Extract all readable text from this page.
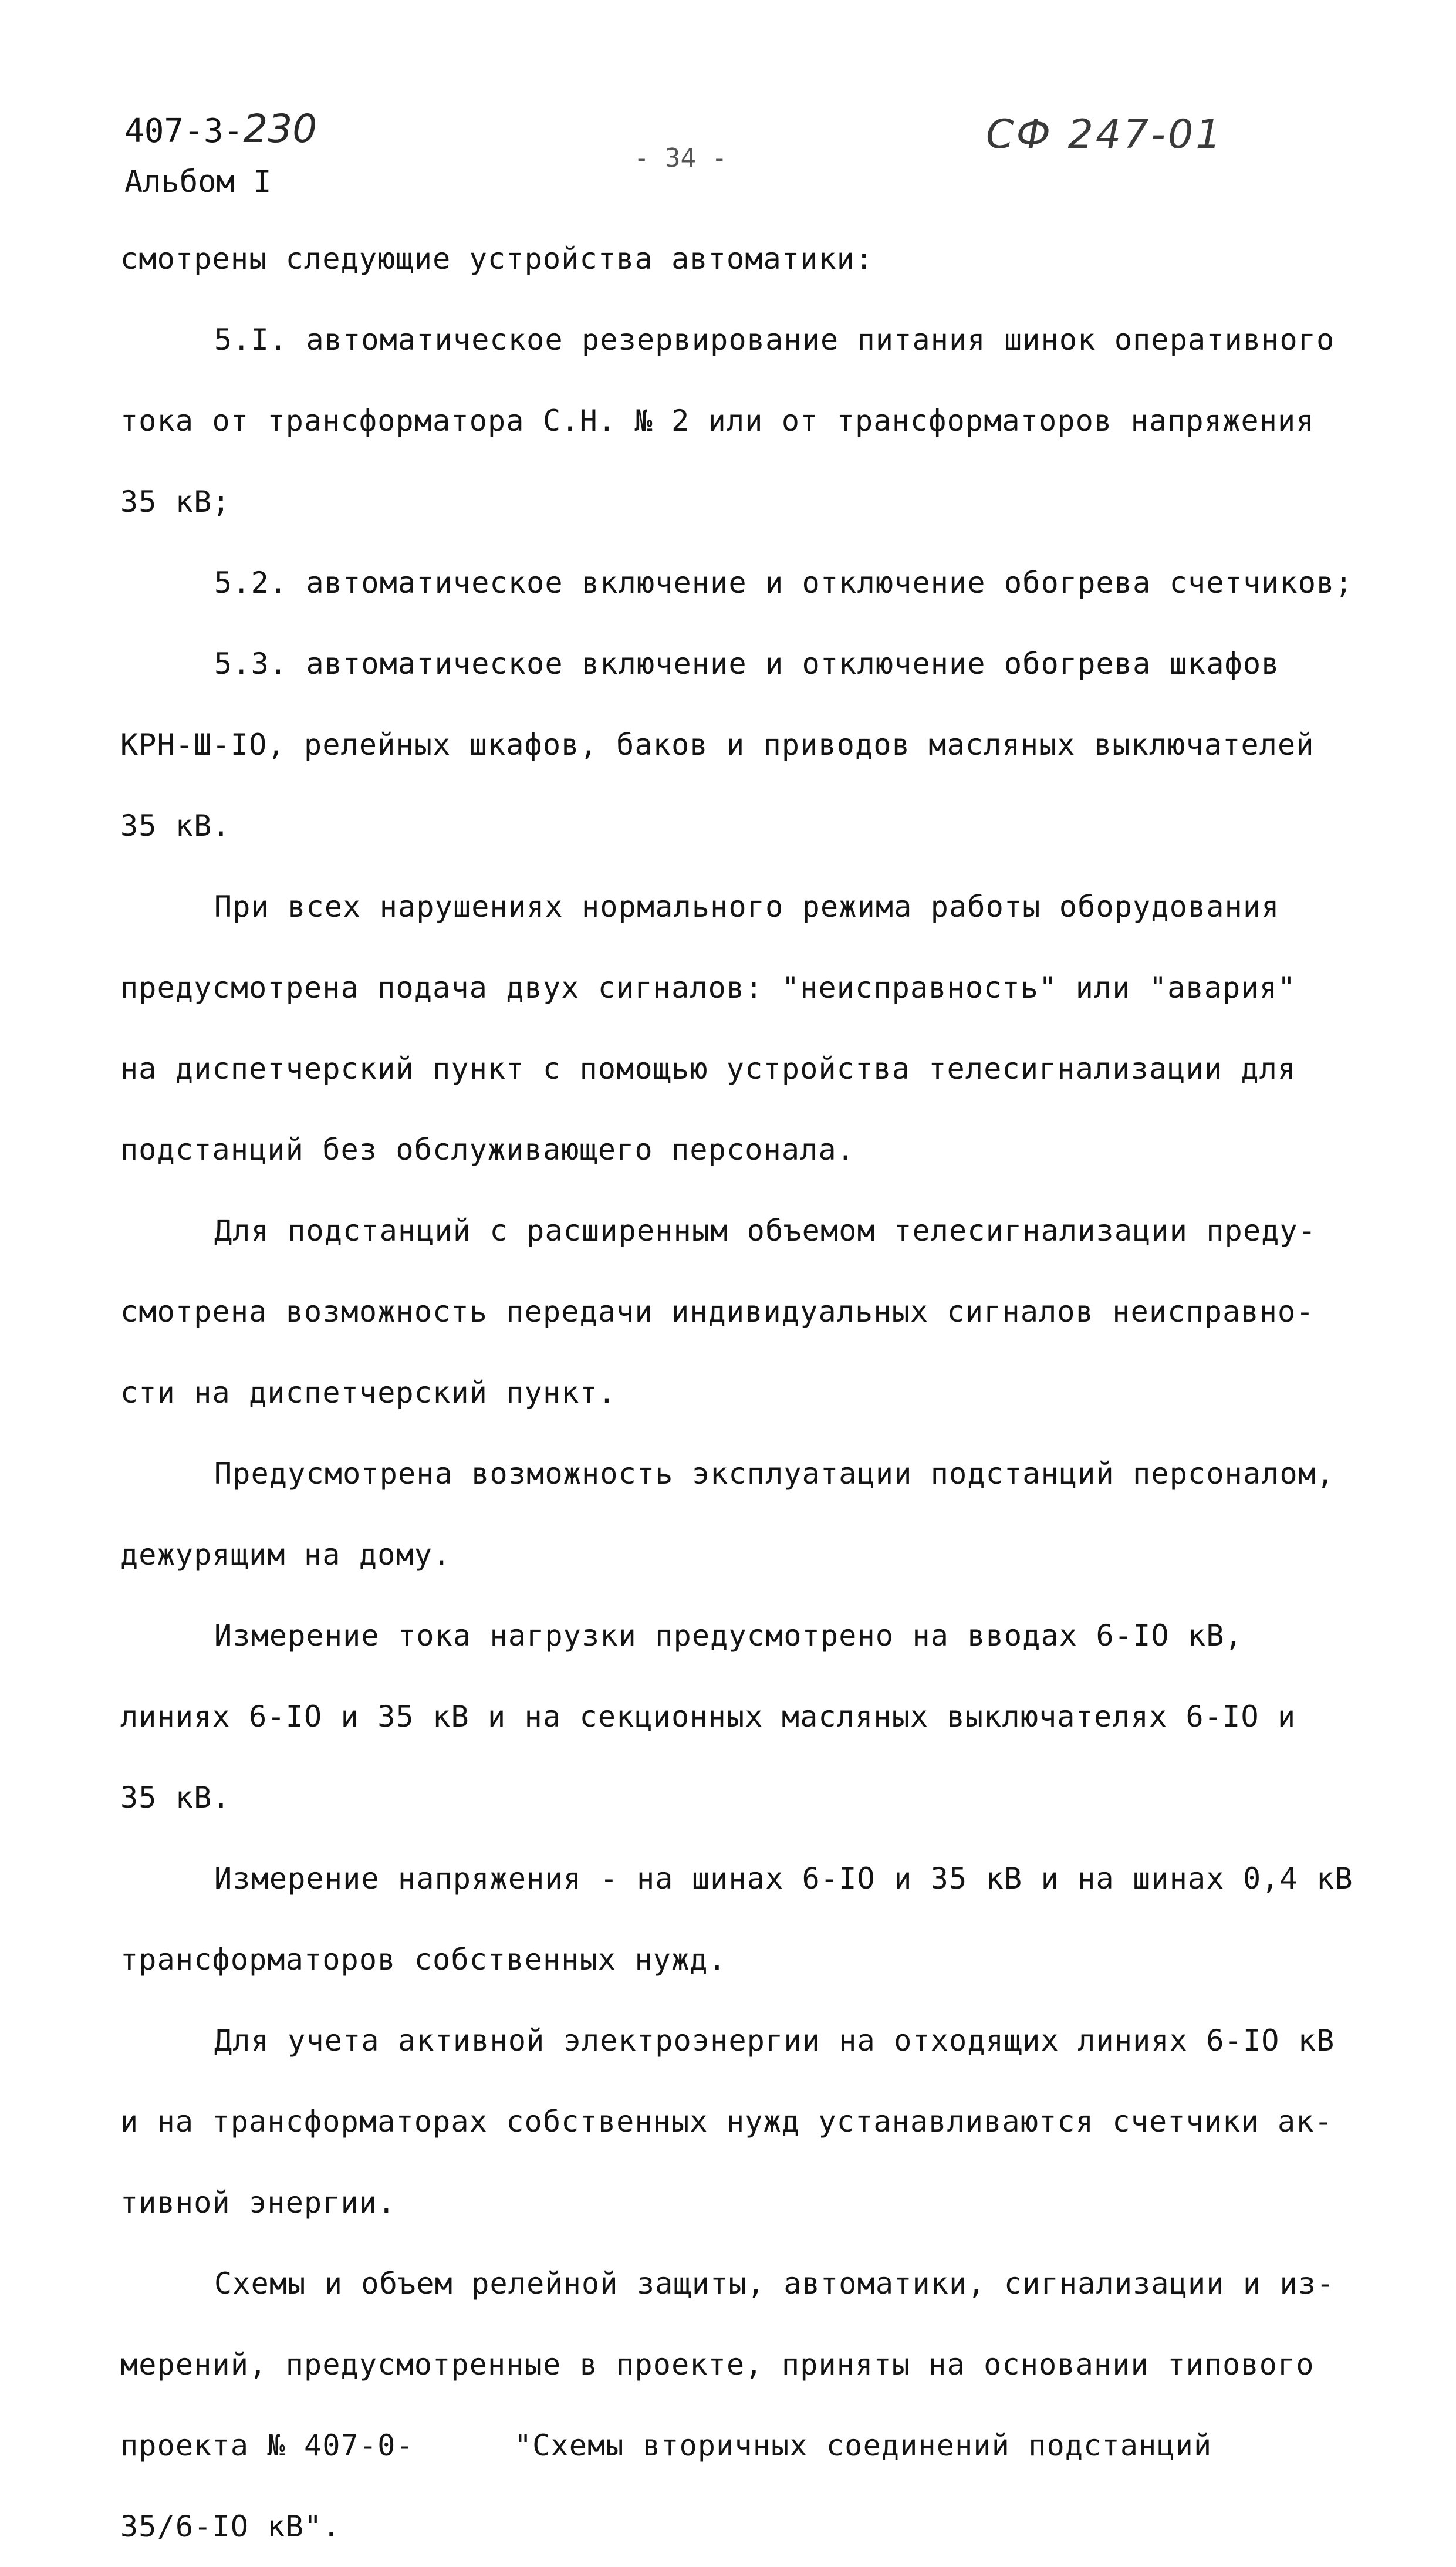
407-3-230
Альбом I
- 34 -
СФ 247-01
смотрены следующие устройства автоматики:
5.I. автоматическое резервирование питания шинок оперативного
тока от трансформатора С.Н. № 2 или от трансформаторов напряжения
35 кВ;
5.2. автоматическое включение и отключение обогрева счетчиков;
5.3. автоматическое включение и отключение обогрева шкафов
КРН-Ш-IO, релейных шкафов, баков и приводов масляных выключателей
35 кВ.
При всех нарушениях нормального режима работы оборудования
предусмотрена подача двух сигналов: "неисправность" или "авария"
на диспетчерский пункт с помощью устройства телесигнализации для
подстанций без обслуживающего персонала.
Для подстанций с расширенным объемом телесигнализации преду-
смотрена возможность передачи индивидуальных сигналов неисправно-
сти на диспетчерский пункт.
Предусмотрена возможность эксплуатации подстанций персоналом,
дежурящим на дому.
Измерение тока нагрузки предусмотрено на вводах 6-IO кВ,
линиях 6-IO и 35 кВ и на секционных масляных выключателях 6-IO и
35 кВ.
Измерение напряжения - на шинах 6-IO и 35 кВ и на шинах 0,4 кВ
трансформаторов собственных нужд.
Для учета активной электроэнергии на отходящих линиях 6-IO кВ
и на трансформаторах собственных нужд устанавливаются счетчики ак-
тивной энергии.
Схемы и объем релейной защиты, автоматики, сигнализации и из-
мерений, предусмотренные в проекте, приняты на основании типового
проекта № 407-0-	"Схемы вторичных соединений подстанций
35/6-IO кВ".
